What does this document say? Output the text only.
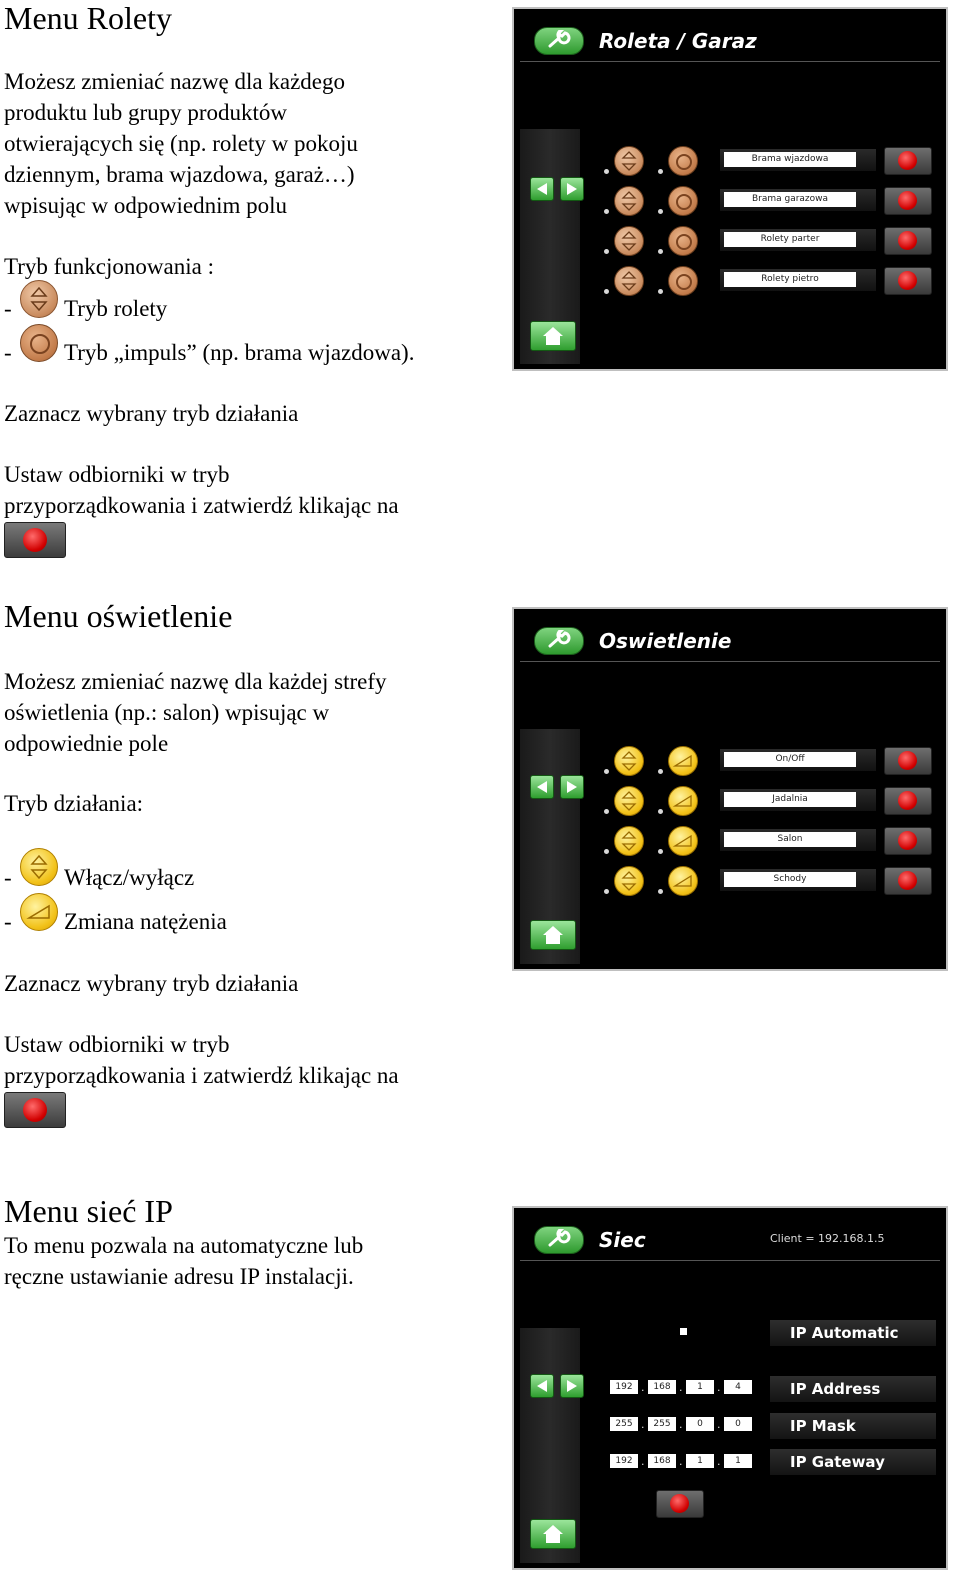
Menu Rolety
Możesz zmieniać nazwę dla każdego
produktu lub grupy produktów
otwierających się (np. rolety w pokoju
dziennym, brama wjazdowa, garaż…)
wpisując w odpowiednim polu
Tryb funkcjonowania :
- Tryb rolety
- Tryb „impuls” (np. brama wjazdowa).
Zaznacz wybrany tryb działania
Ustaw odbiorniki w tryb
przyporządkowania i zatwierdź klikając na
Roleta / Garaz
Brama wjazdowa
Brama garazowa
Rolety parter
Rolety pietro
Menu oświetlenie
Możesz zmieniać nazwę dla każdej strefy
oświetlenia (np.: salon) wpisując w
odpowiednie pole
Tryb działania:
- Włącz/wyłącz
- Zmiana natężenia
Zaznacz wybrany tryb działania
Ustaw odbiorniki w tryb
przyporządkowania i zatwierdź klikając na
Oswietlenie
On/Off
Jadalnia
Salon
Schody
Menu sieć IP
To menu pozwala na automatyczne lub
ręczne ustawianie adresu IP instalacji.
Siec	Client = 192.168.1.5
IP Automatic
192 . 168 .	1	.	4	IP Address
255 . 255 .	0	.	0	IP Mask
192 . 168 .	1	.	1	IP Gateway
